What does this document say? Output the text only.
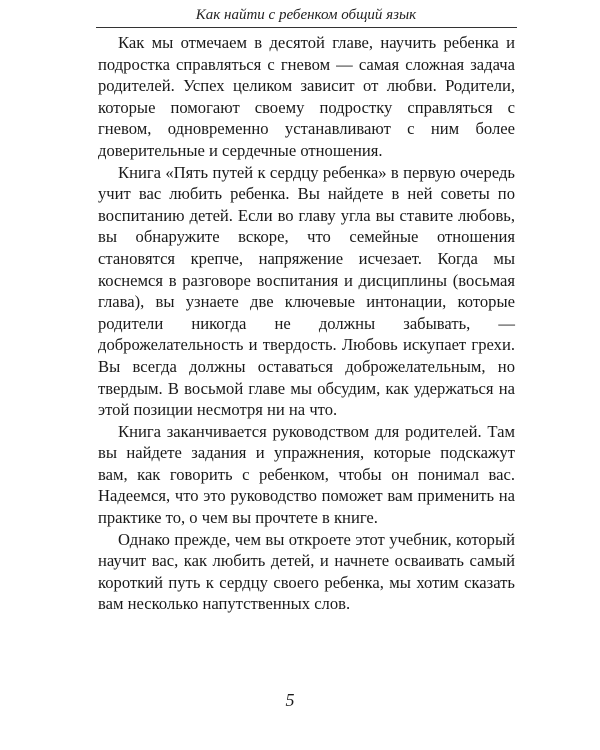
Как найти с ребенком общий язык

Как мы отмечаем в десятой главе, научить ребенка и подростка справляться с гневом — самая сложная задача родителей. Успех целиком зависит от любви. Родители, которые помогают своему подростку справляться с гневом, одновременно устанавливают с ним более доверительные и сердечные отношения.

Книга «Пять путей к сердцу ребенка» в первую очередь учит вас любить ребенка. Вы найдете в ней советы по воспитанию детей. Если во главу угла вы ставите любовь, вы обнаружите вскоре, что семейные отношения становятся крепче, напряжение исчезает. Когда мы коснемся в разговоре воспитания и дисциплины (восьмая глава), вы узнаете две ключевые интонации, которые родители никогда не должны забывать, — доброжелательность и твердость. Любовь искупает грехи. Вы всегда должны оставаться доброжелательным, но твердым. В восьмой главе мы обсудим, как удержаться на этой позиции несмотря ни на что.

Книга заканчивается руководством для родителей. Там вы найдете задания и упражнения, которые подскажут вам, как говорить с ребенком, чтобы он понимал вас. Надеемся, что это руководство поможет вам применить на практике то, о чем вы прочтете в книге.

Однако прежде, чем вы откроете этот учебник, который научит вас, как любить детей, и начнете осваивать самый короткий путь к сердцу своего ребенка, мы хотим сказать вам несколько напутственных слов.

5
